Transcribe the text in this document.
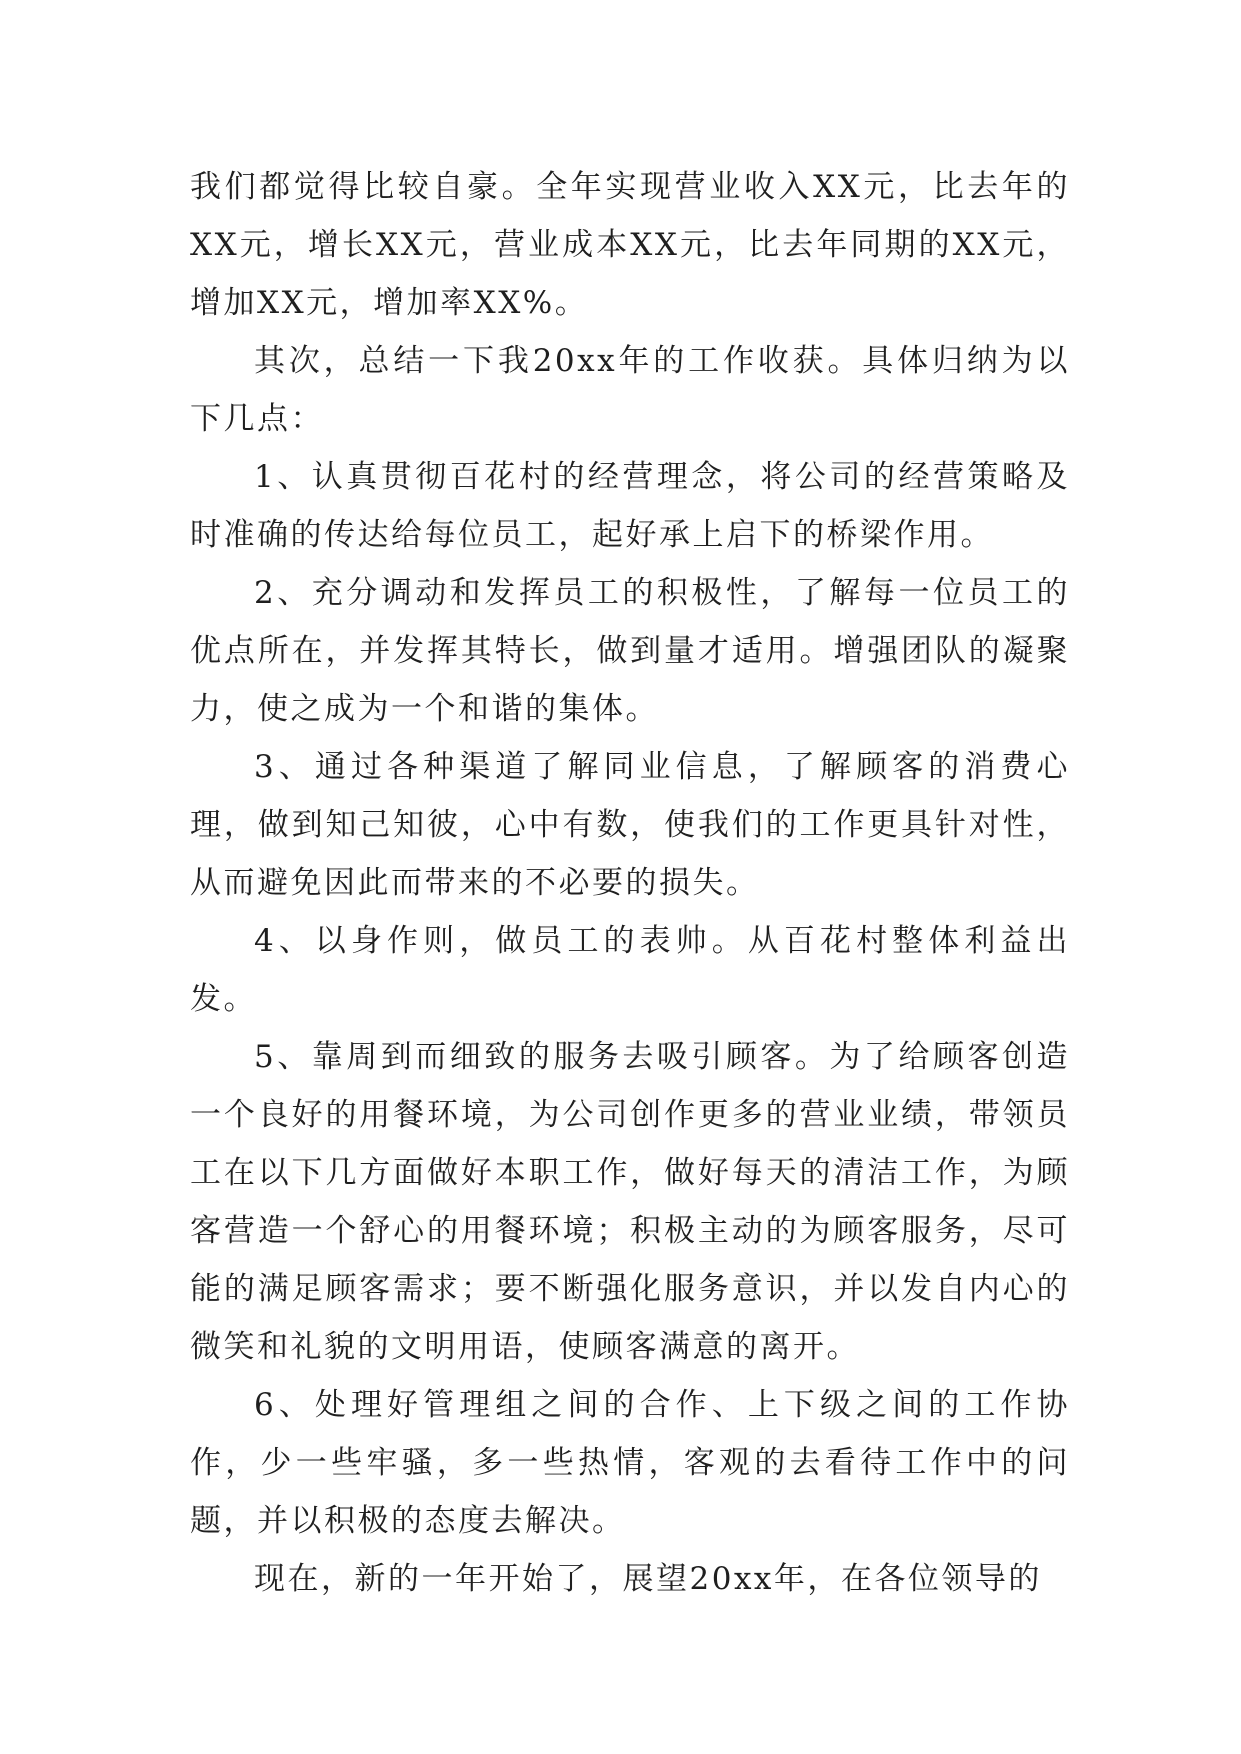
我们都觉得比较自豪。全年实现营业收入XX元，比去年的XX元，增长XX元，营业成本XX元，比去年同期的XX元，增加XX元，增加率XX%。

其次，总结一下我20xx年的工作收获。具体归纳为以下几点：

1、认真贯彻百花村的经营理念，将公司的经营策略及时准确的传达给每位员工，起好承上启下的桥梁作用。

2、充分调动和发挥员工的积极性，了解每一位员工的优点所在，并发挥其特长，做到量才适用。增强团队的凝聚力，使之成为一个和谐的集体。

3、通过各种渠道了解同业信息，了解顾客的消费心理，做到知己知彼，心中有数，使我们的工作更具针对性，从而避免因此而带来的不必要的损失。

4、以身作则，做员工的表帅。从百花村整体利益出发。

5、靠周到而细致的服务去吸引顾客。为了给顾客创造一个良好的用餐环境，为公司创作更多的营业业绩，带领员工在以下几方面做好本职工作，做好每天的清洁工作，为顾客营造一个舒心的用餐环境；积极主动的为顾客服务，尽可能的满足顾客需求；要不断强化服务意识，并以发自内心的微笑和礼貌的文明用语，使顾客满意的离开。

6、处理好管理组之间的合作、上下级之间的工作协作，少一些牢骚，多一些热情，客观的去看待工作中的问题，并以积极的态度去解决。

现在，新的一年开始了，展望20xx年，在各位领导的
